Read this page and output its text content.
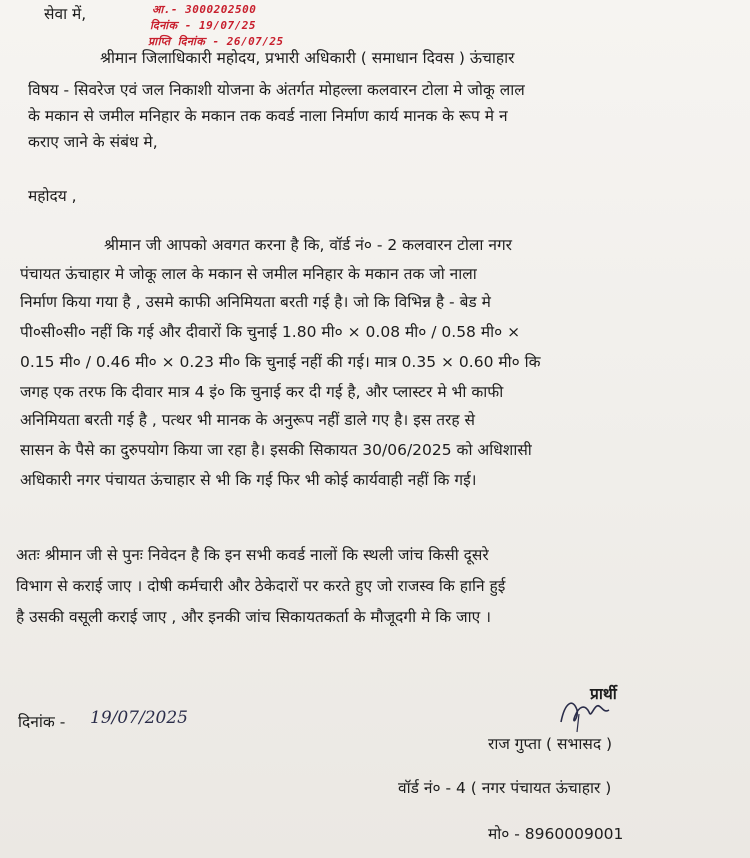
सेवा में,	आ.- 3000202500
दिनांक - 19/07/25
प्राप्ति दिनांक - 26/07/25
श्रीमान जिलाधिकारी महोदय, प्रभारी अधिकारी ( समाधान दिवस ) ऊंचाहार
विषय - सिवरेज एवं जल निकाशी योजना के अंतर्गत मोहल्ला कलवारन टोला मे जोकू लाल
के मकान से जमील मनिहार के मकान तक कवर्ड नाला निर्माण कार्य मानक के रूप मे न
कराए जाने के संबंध मे,
महोदय ,
श्रीमान जी आपको अवगत करना है कि, वॉर्ड नं० - 2 कलवारन टोला नगर
पंचायत ऊंचाहार मे जोकू लाल के मकान से जमील मनिहार के मकान तक जो नाला
निर्माण किया गया है , उसमे काफी अनिमियता बरती गई है। जो कि विभिन्न है - बेड मे
पी०सी०सी० नहीं कि गई और दीवारों कि चुनाई 1.80 मी० × 0.08 मी० / 0.58 मी० ×
0.15 मी० / 0.46 मी० × 0.23 मी० कि चुनाई नहीं की गई। मात्र 0.35 × 0.60 मी० कि
जगह एक तरफ कि दीवार मात्र 4 इं० कि चुनाई कर दी गई है, और प्लास्टर मे भी काफी
अनिमियता बरती गई है , पत्थर भी मानक के अनुरूप नहीं डाले गए है। इस तरह से
सासन के पैसे का दुरुपयोग किया जा रहा है। इसकी सिकायत 30/06/2025 को अधिशासी
अधिकारी नगर पंचायत ऊंचाहार से भी कि गई फिर भी कोई कार्यवाही नहीं कि गई।
अतः श्रीमान जी से पुनः निवेदन है कि इन सभी कवर्ड नालों कि स्थली जांच किसी दूसरे
विभाग से कराई जाए । दोषी कर्मचारी और ठेकेदारों पर करते हुए जो राजस्व कि हानि हुई
है उसकी वसूली कराई जाए , और इनकी जांच सिकायतकर्ता के मौजूदगी मे कि जाए ।
प्रार्थी
दिनांक - 19/07/2025
राज गुप्ता ( सभासद )
वॉर्ड नं० - 4 ( नगर पंचायत ऊंचाहार )
मो० - 8960009001
